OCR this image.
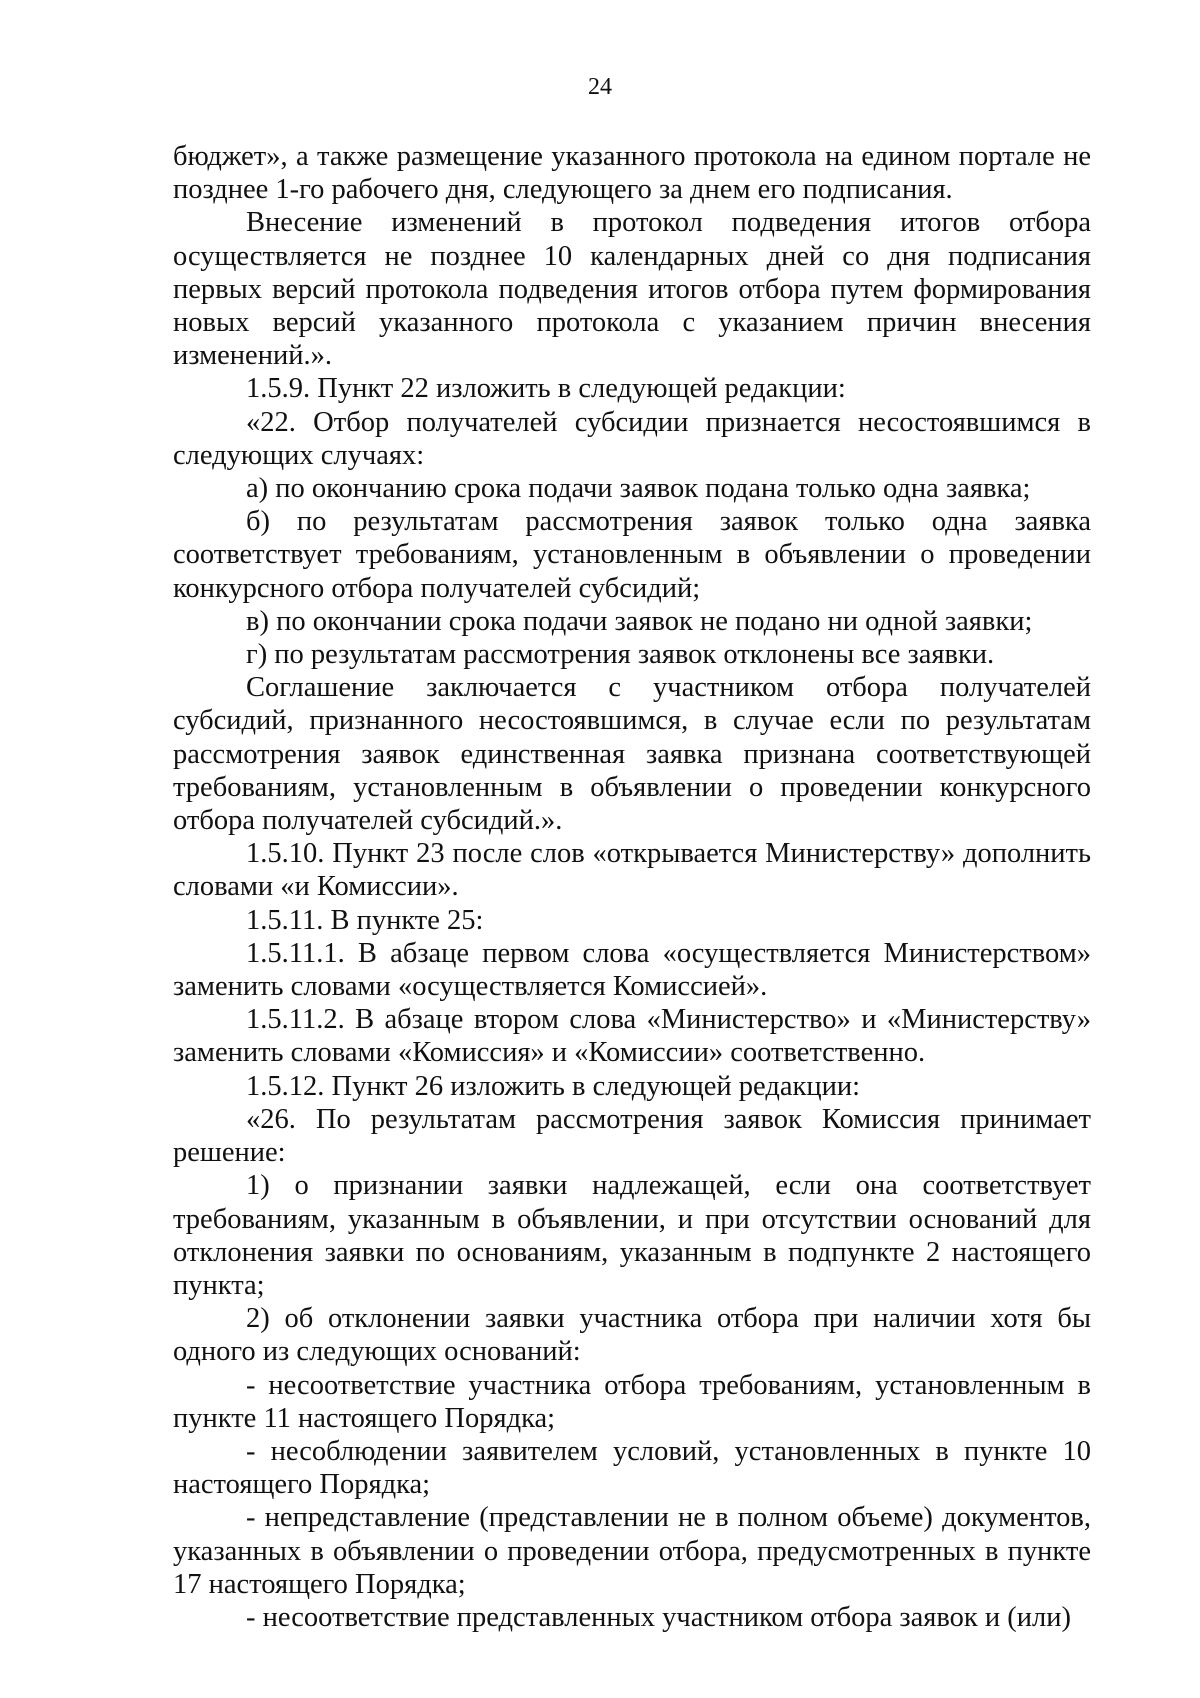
24

бюджет», а также размещение указанного протокола на едином портале не позднее 1-го рабочего дня, следующего за днем его подписания.

Внесение изменений в протокол подведения итогов отбора осуществляется не позднее 10 календарных дней со дня подписания первых версий протокола подведения итогов отбора путем формирования новых версий указанного протокола с указанием причин внесения изменений.».

1.5.9. Пункт 22 изложить в следующей редакции:

«22. Отбор получателей субсидии признается несостоявшимся в следующих случаях:

а) по окончанию срока подачи заявок подана только одна заявка;

б) по результатам рассмотрения заявок только одна заявка соответствует требованиям, установленным в объявлении о проведении конкурсного отбора получателей субсидий;

в) по окончании срока подачи заявок не подано ни одной заявки;

г) по результатам рассмотрения заявок отклонены все заявки.

Соглашение заключается с участником отбора получателей субсидий, признанного несостоявшимся, в случае если по результатам рассмотрения заявок единственная заявка признана соответствующей требованиям, установленным в объявлении о проведении конкурсного отбора получателей субсидий.».

1.5.10. Пункт 23 после слов «открывается Министерству» дополнить словами «и Комиссии».

1.5.11. В пункте 25:

1.5.11.1. В абзаце первом слова «осуществляется Министерством» заменить словами «осуществляется Комиссией».

1.5.11.2. В абзаце втором слова «Министерство» и «Министерству» заменить словами «Комиссия» и «Комиссии» соответственно.

1.5.12. Пункт 26 изложить в следующей редакции:

«26. По результатам рассмотрения заявок Комиссия принимает решение:

1) о признании заявки надлежащей, если она соответствует требованиям, указанным в объявлении, и при отсутствии оснований для отклонения заявки по основаниям, указанным в подпункте 2 настоящего пункта;

2) об отклонении заявки участника отбора при наличии хотя бы одного из следующих оснований:

- несоответствие участника отбора требованиям, установленным в пункте 11 настоящего Порядка;

- несоблюдении заявителем условий, установленных в пункте 10 настоящего Порядка;

- непредставление (представлении не в полном объеме) документов, указанных в объявлении о проведении отбора, предусмотренных в пункте 17 настоящего Порядка;

- несоответствие представленных участником отбора заявок и (или)
